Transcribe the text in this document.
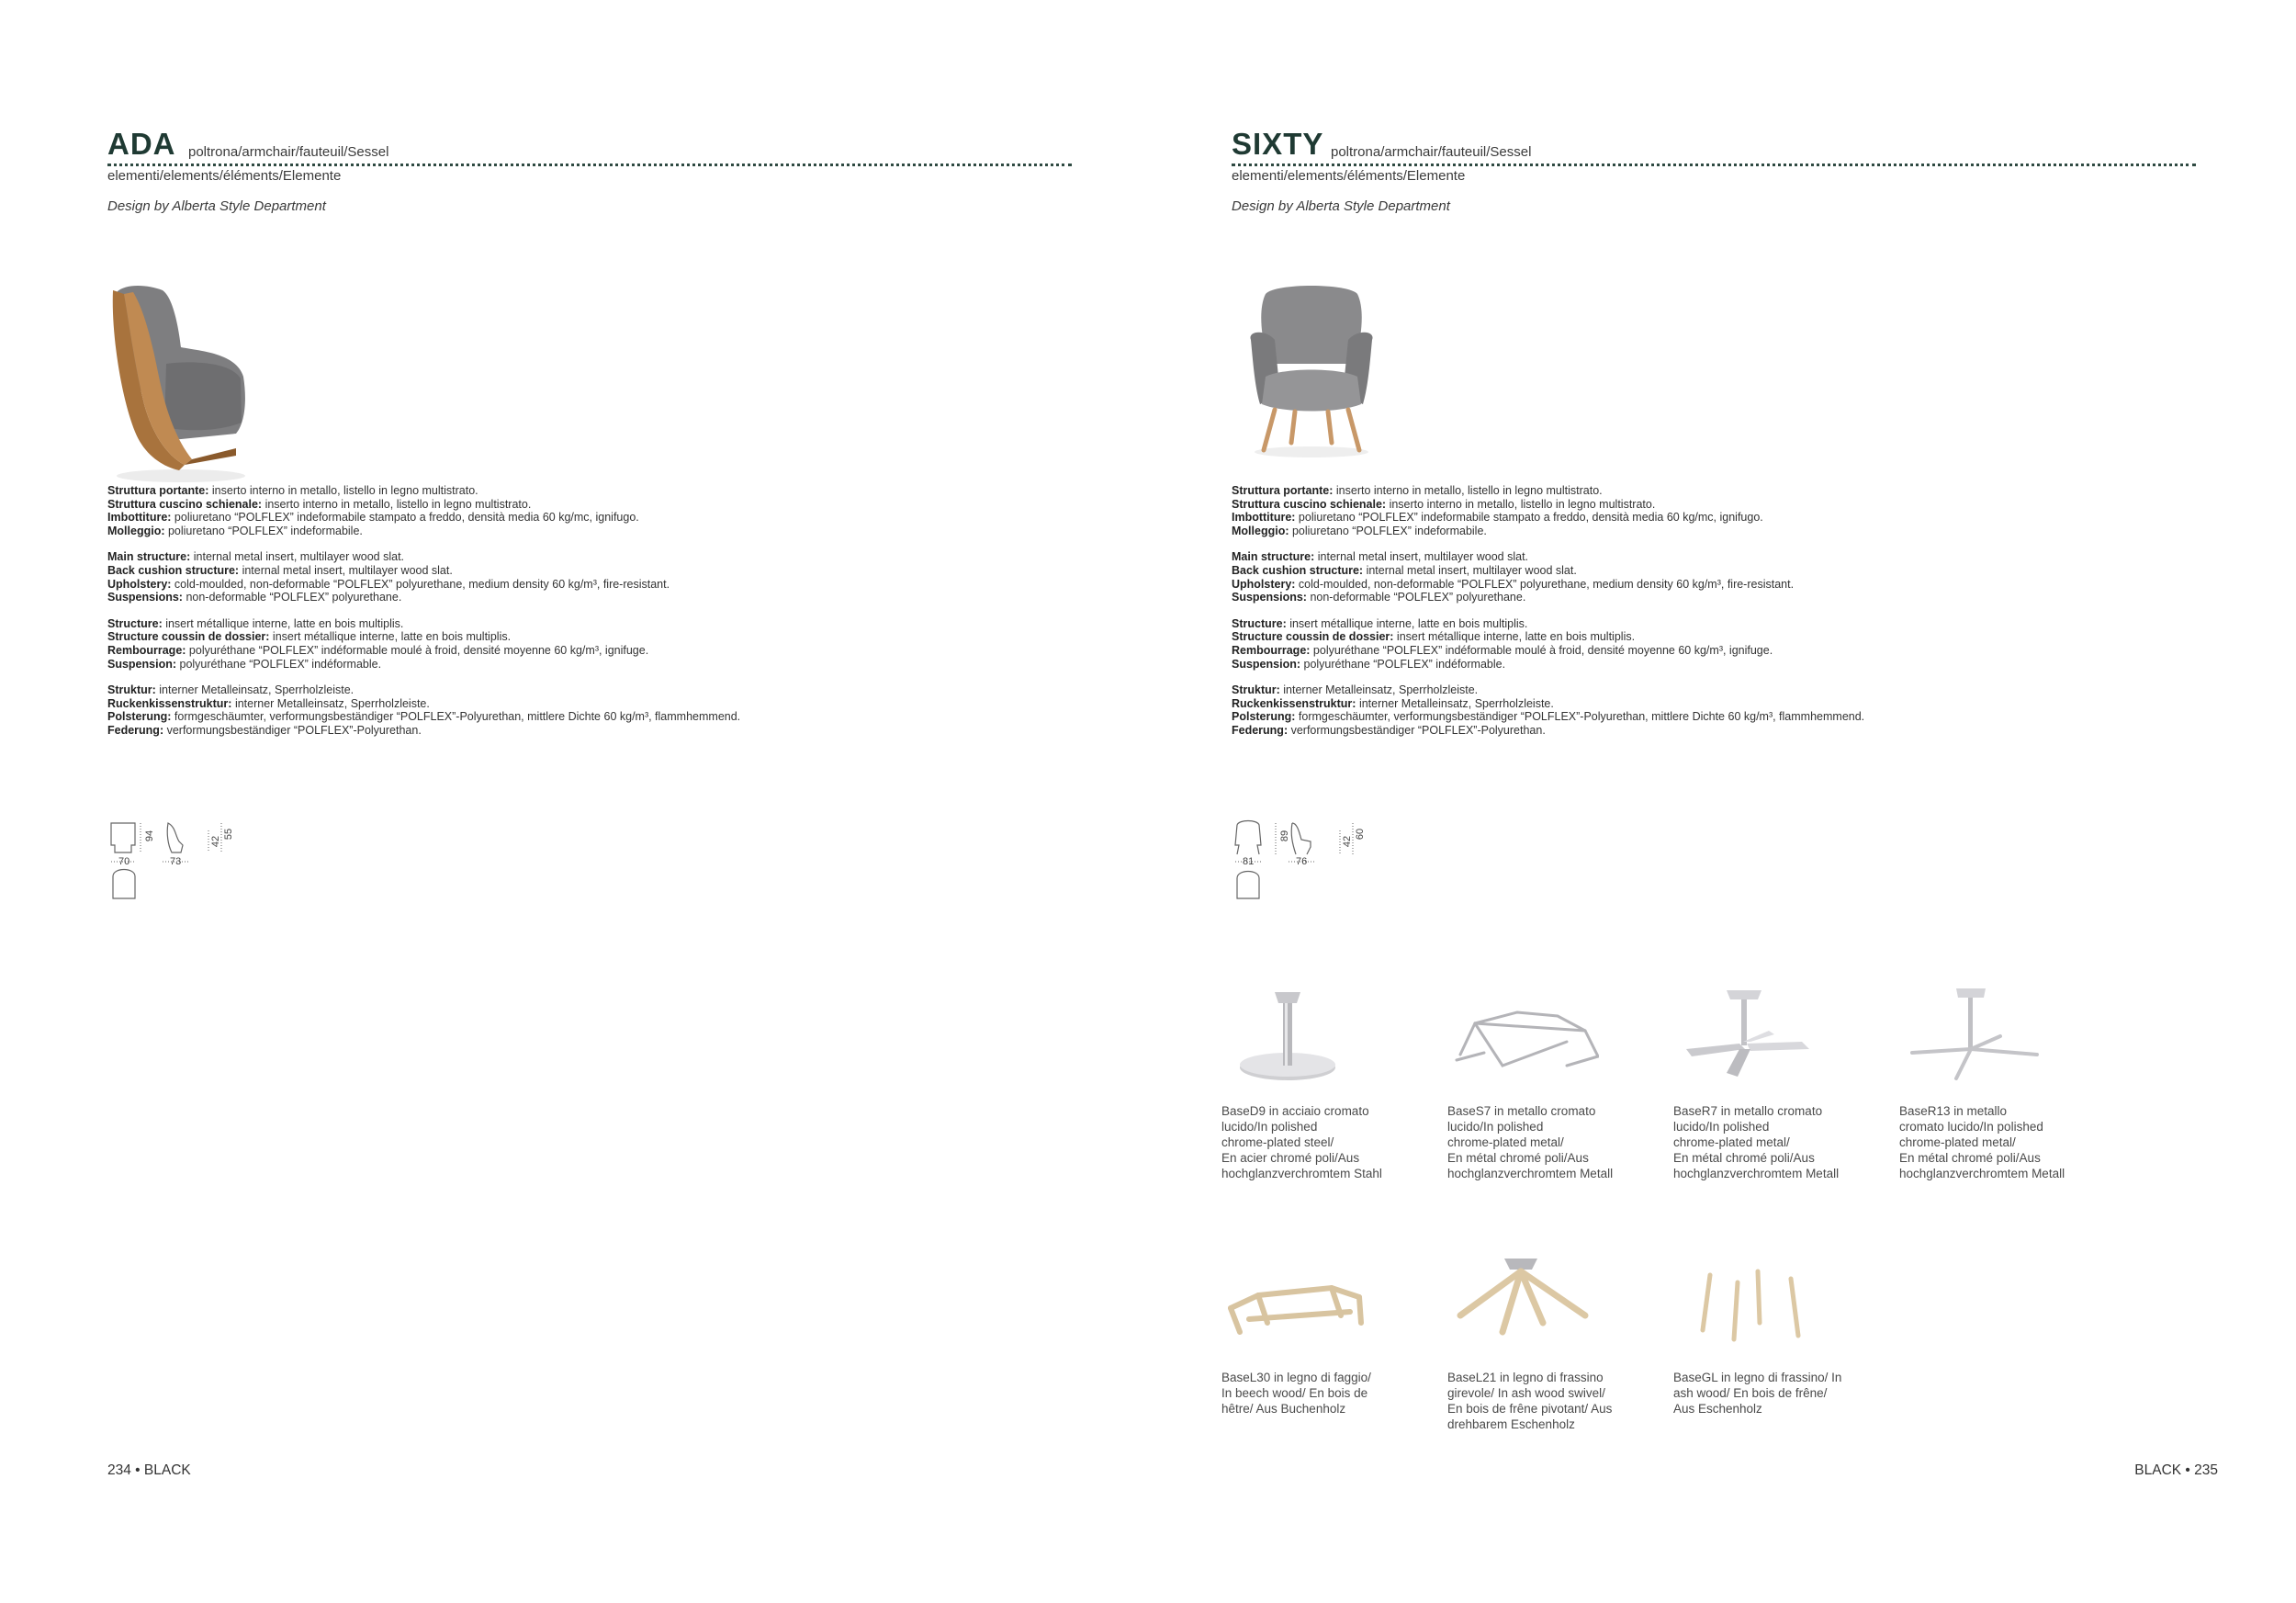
ADA poltrona/armchair/fauteuil/Sessel
elementi/elements/éléments/Elemente
Design by Alberta Style Department
Struttura portante: inserto interno in metallo, listello in legno multistrato.
Struttura cuscino schienale: inserto interno in metallo, listello in legno multistrato.
Imbottiture: poliuretano “POLFLEX” indeformabile stampato a freddo, densità media 60 kg/mc, ignifugo.
Molleggio: poliuretano “POLFLEX” indeformabile.
Main structure: internal metal insert, multilayer wood slat.
Back cushion structure: internal metal insert, multilayer wood slat.
Upholstery: cold-moulded, non-deformable “POLFLEX” polyurethane, medium density 60 kg/m³, fire-resistant.
Suspensions: non-deformable “POLFLEX” polyurethane.
Structure: insert métallique interne, latte en bois multiplis.
Structure coussin de dossier: insert métallique interne, latte en bois multiplis.
Rembourrage: polyuréthane “POLFLEX” indéformable moulé à froid, densité moyenne 60 kg/m³, ignifuge.
Suspension: polyuréthane “POLFLEX” indéformable.
Struktur: interner Metalleinsatz, Sperrholzleiste.
Ruckenkissenstruktur: interner Metalleinsatz, Sperrholzleiste.
Polsterung: formgeschäumter, verformungsbeständiger “POLFLEX”-Polyurethan, mittlere Dichte 60 kg/m³, flammhemmend.
Federung: verformungsbeständiger “POLFLEX”-Polyurethan.
94
70	73
42
55
234 • BLACK
SIXTY poltrona/armchair/fauteuil/Sessel
elementi/elements/éléments/Elemente
Design by Alberta Style Department
Struttura portante: inserto interno in metallo, listello in legno multistrato.
Struttura cuscino schienale: inserto interno in metallo, listello in legno multistrato.
Imbottiture: poliuretano “POLFLEX” indeformabile stampato a freddo, densità media 60 kg/mc, ignifugo.
Molleggio: poliuretano “POLFLEX” indeformabile.
Main structure: internal metal insert, multilayer wood slat.
Back cushion structure: internal metal insert, multilayer wood slat.
Upholstery: cold-moulded, non-deformable “POLFLEX” polyurethane, medium density 60 kg/m³, fire-resistant.
Suspensions: non-deformable “POLFLEX” polyurethane.
Structure: insert métallique interne, latte en bois multiplis.
Structure coussin de dossier: insert métallique interne, latte en bois multiplis.
Rembourrage: polyuréthane “POLFLEX” indéformable moulé à froid, densité moyenne 60 kg/m³, ignifuge.
Suspension: polyuréthane “POLFLEX” indéformable.
Struktur: interner Metalleinsatz, Sperrholzleiste.
Ruckenkissenstruktur: interner Metalleinsatz, Sperrholzleiste.
Polsterung: formgeschäumter, verformungsbeständiger “POLFLEX”-Polyurethan, mittlere Dichte 60 kg/m³, flammhemmend.
Federung: verformungsbeständiger “POLFLEX”-Polyurethan.
89
81	76
42
60
BaseD9 in acciaio cromato
lucido/In polished
chrome-plated steel/
En acier chromé poli/Aus
hochglanzverchromtem Stahl
BaseS7 in metallo cromato
lucido/In polished
chrome-plated metal/
En métal chromé poli/Aus
hochglanzverchromtem Metall
BaseR7 in metallo cromato
lucido/In polished
chrome-plated metal/
En métal chromé poli/Aus
hochglanzverchromtem Metall
BaseR13 in metallo
cromato lucido/In polished
chrome-plated metal/
En métal chromé poli/Aus
hochglanzverchromtem Metall
BaseL30 in legno di faggio/
In beech wood/ En bois de
hêtre/ Aus Buchenholz
BaseL21 in legno di frassino
girevole/ In ash wood swivel/
En bois de frêne pivotant/ Aus
drehbarem Eschenholz
BaseGL in legno di frassino/ In
ash wood/ En bois de frêne/
Aus Eschenholz
BLACK • 235
